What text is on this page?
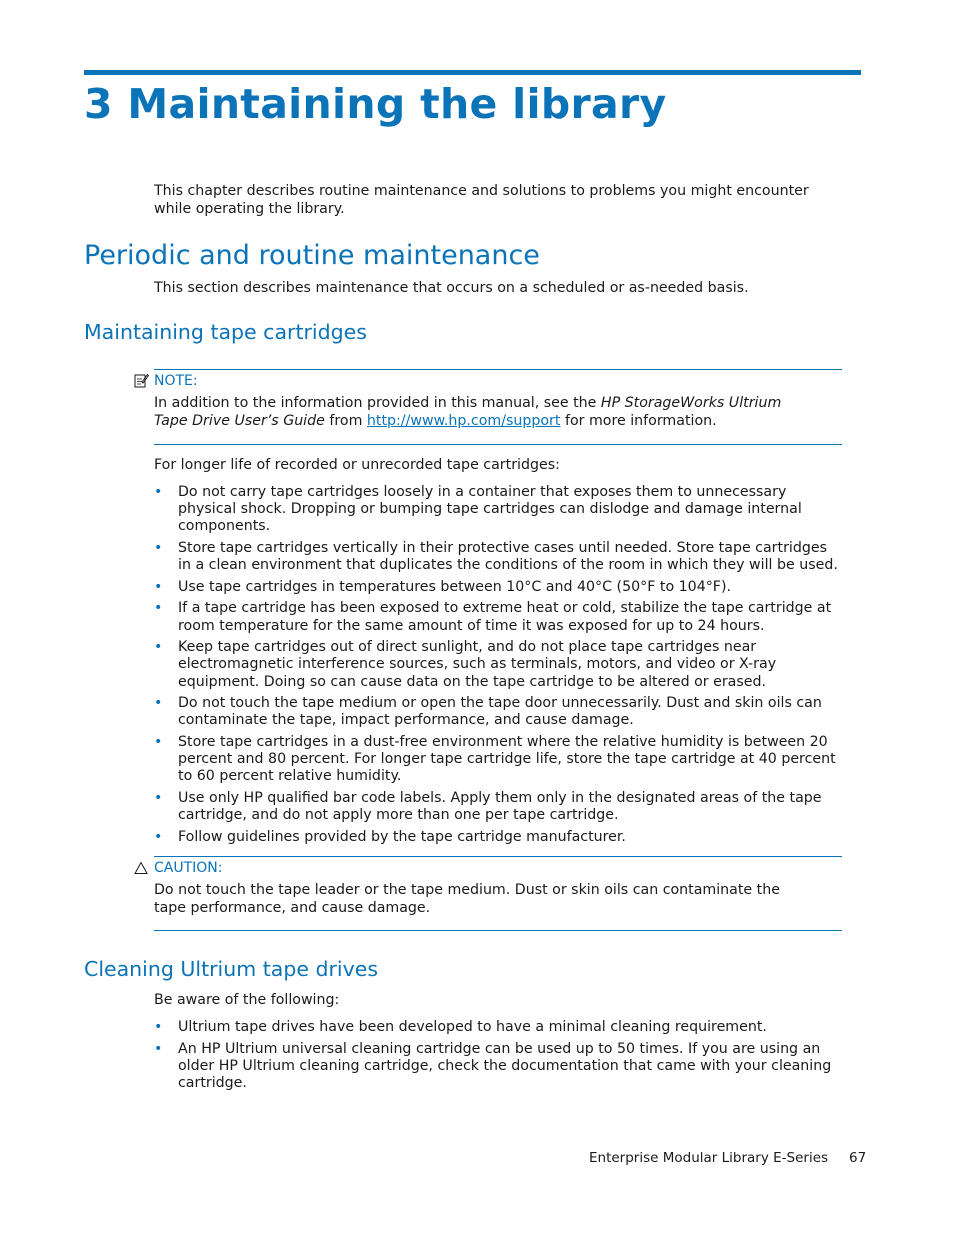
3 Maintaining the library
This chapter describes routine maintenance and solutions to problems you might encounter while operating the library.
Periodic and routine maintenance
This section describes maintenance that occurs on a scheduled or as-needed basis.
Maintaining tape cartridges
NOTE:
In addition to the information provided in this manual, see the HP StorageWorks Ultrium Tape Drive User’s Guide from http://www.hp.com/support for more information.
For longer life of recorded or unrecorded tape cartridges:
• Do not carry tape cartridges loosely in a container that exposes them to unnecessary physical shock. Dropping or bumping tape cartridges can dislodge and damage internal components.
• Store tape cartridges vertically in their protective cases until needed. Store tape cartridges in a clean environment that duplicates the conditions of the room in which they will be used.
• Use tape cartridges in temperatures between 10°C and 40°C (50°F to 104°F).
• If a tape cartridge has been exposed to extreme heat or cold, stabilize the tape cartridge at room temperature for the same amount of time it was exposed for up to 24 hours.
• Keep tape cartridges out of direct sunlight, and do not place tape cartridges near electromagnetic interference sources, such as terminals, motors, and video or X-ray equipment. Doing so can cause data on the tape cartridge to be altered or erased.
• Do not touch the tape medium or open the tape door unnecessarily. Dust and skin oils can contaminate the tape, impact performance, and cause damage.
• Store tape cartridges in a dust-free environment where the relative humidity is between 20 percent and 80 percent. For longer tape cartridge life, store the tape cartridge at 40 percent to 60 percent relative humidity.
• Use only HP qualified bar code labels. Apply them only in the designated areas of the tape cartridge, and do not apply more than one per tape cartridge.
• Follow guidelines provided by the tape cartridge manufacturer.
CAUTION:
Do not touch the tape leader or the tape medium. Dust or skin oils can contaminate the tape performance, and cause damage.
Cleaning Ultrium tape drives
Be aware of the following:
• Ultrium tape drives have been developed to have a minimal cleaning requirement.
• An HP Ultrium universal cleaning cartridge can be used up to 50 times. If you are using an older HP Ultrium cleaning cartridge, check the documentation that came with your cleaning cartridge.
Enterprise Modular Library E-Series 67
